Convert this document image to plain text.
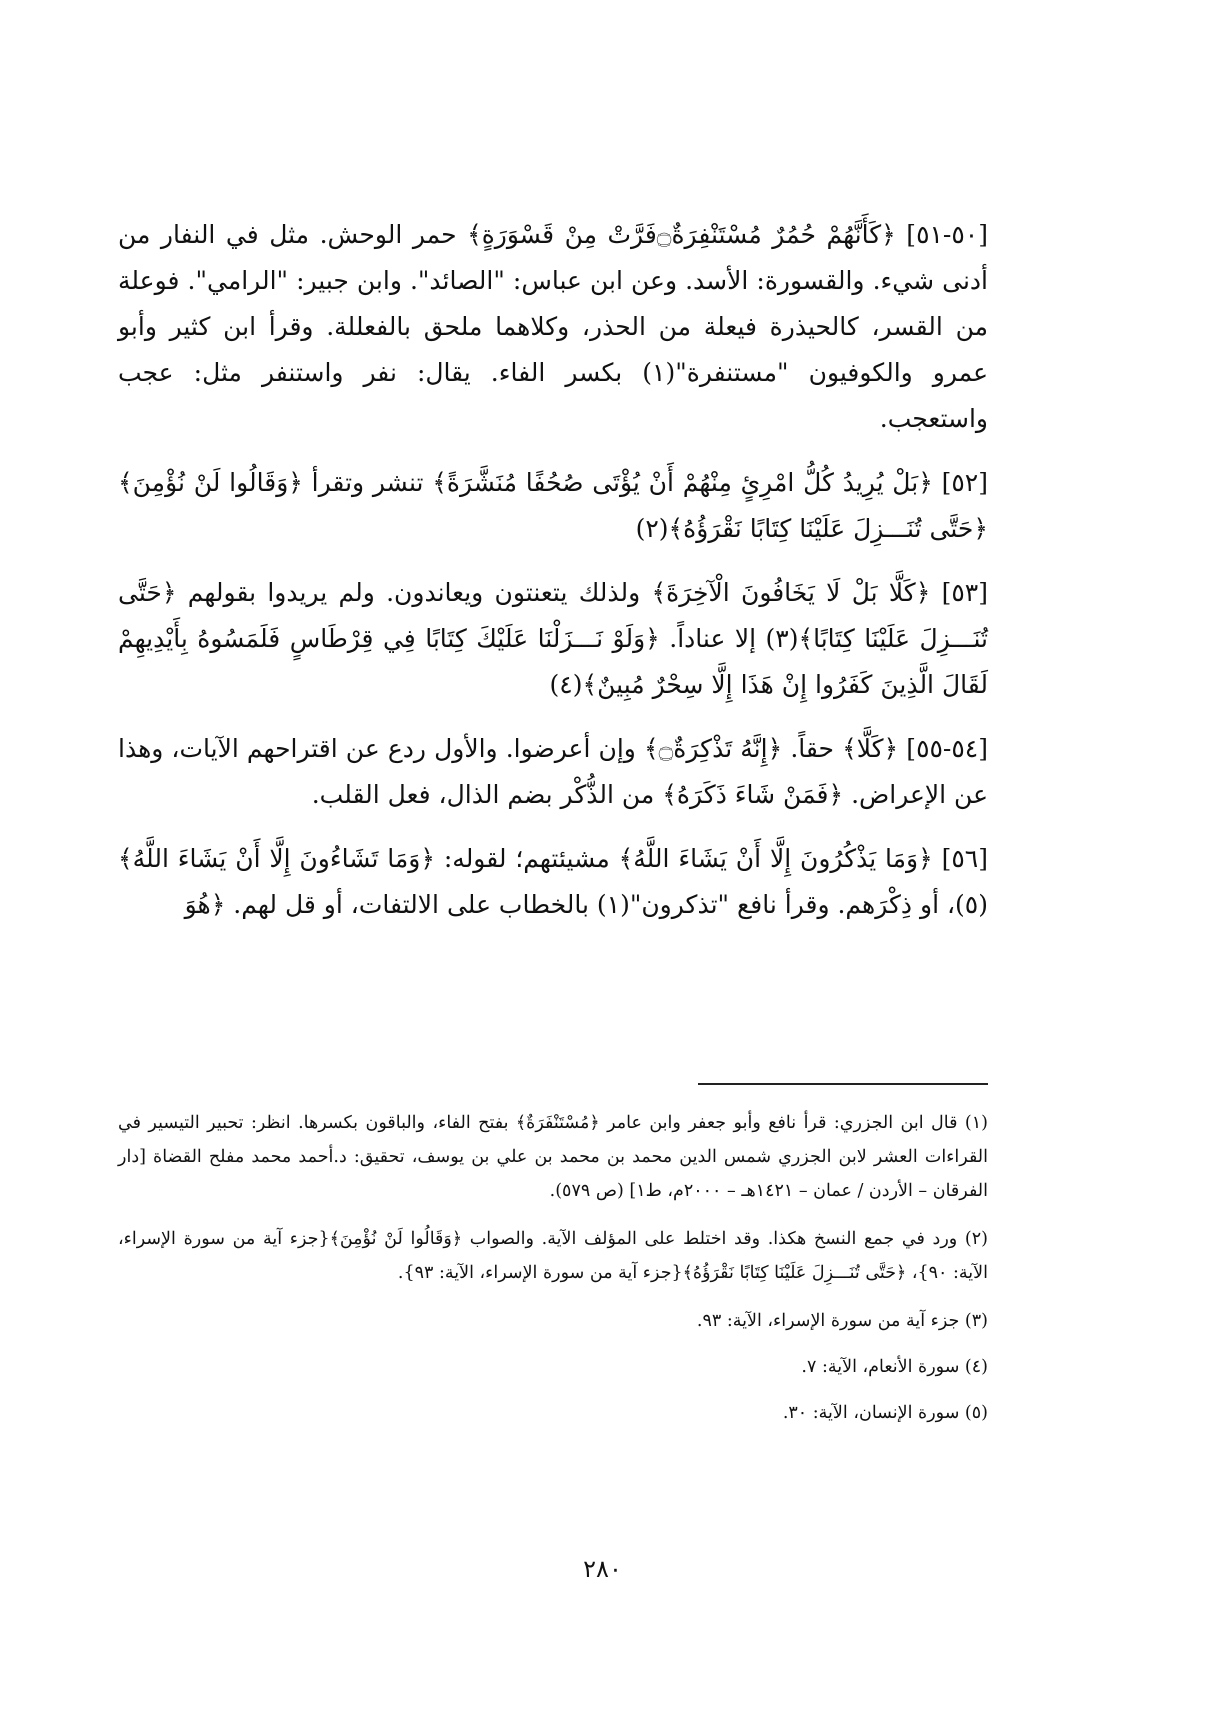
[٥٠-٥١] ﴿كَأَنَّهُمْ حُمُرٌ مُسْتَنْفِرَةٌ۝فَرَّتْ مِنْ قَسْوَرَةٍ﴾ حمر الوحش. مثل في النفار من أدنى شيء. والقسورة: الأسد. وعن ابن عباس: "الصائد". وابن جبير: "الرامي". فوعلة من القسر، كالحيذرة فيعلة من الحذر، وكلاهما ملحق بالفعللة. وقرأ ابن كثير وأبو عمرو والكوفيون "مستنفرة"(١) بكسر الفاء. يقال: نفر واستنفر مثل: عجب واستعجب.

[٥٢] ﴿بَلْ يُرِيدُ كُلُّ امْرِئٍ مِنْهُمْ أَنْ يُؤْتَى صُحُفًا مُنَشَّرَةً﴾ تنشر وتقرأ ﴿وَقَالُوا لَنْ نُؤْمِنَ﴾ ﴿حَتَّى تُنَـــزِلَ عَلَيْنَا كِتَابًا نَقْرَؤُهُ﴾(٢)

[٥٣] ﴿كَلَّا بَلْ لَا يَخَافُونَ الْآخِرَةَ﴾ ولذلك يتعنتون ويعاندون. ولم يريدوا بقولهم ﴿حَتَّى تُنَـــزِلَ عَلَيْنَا كِتَابًا﴾(٣) إلا عناداً. ﴿وَلَوْ نَـــزَلْنَا عَلَيْكَ كِتَابًا فِي قِرْطَاسٍ فَلَمَسُوهُ بِأَيْدِيهِمْ لَقَالَ الَّذِينَ كَفَرُوا إِنْ هَذَا إِلَّا سِحْرٌ مُبِينٌ﴾(٤)

[٥٤-٥٥] ﴿كَلَّا﴾ حقاً. ﴿إِنَّهُ تَذْكِرَةٌ۝﴾ وإن أعرضوا. والأول ردع عن اقتراحهم الآيات، وهذا عن الإعراض. ﴿فَمَنْ شَاءَ ذَكَرَهُ﴾ من الذُّكْر بضم الذال، فعل القلب.

[٥٦] ﴿وَمَا يَذْكُرُونَ إِلَّا أَنْ يَشَاءَ اللَّهُ﴾ مشيئتهم؛ لقوله: ﴿وَمَا تَشَاءُونَ إِلَّا أَنْ يَشَاءَ اللَّهُ﴾(٥)، أو ذِكْرَهم. وقرأ نافع "تذكرون"(١) بالخطاب على الالتفات، أو قل لهم. ﴿هُوَ

(١) قال ابن الجزري: قرأ نافع وأبو جعفر وابن عامر ﴿مُسْتَنْفَرَةٌ﴾ بفتح الفاء، والباقون بكسرها. انظر: تحبير التيسير في القراءات العشر لابن الجزري شمس الدين محمد بن محمد بن علي بن يوسف، تحقيق: د.أحمد محمد مفلح القضاة [دار الفرقان – الأردن / عمان – ١٤٢١هـ – ٢٠٠٠م، ط١] (ص ٥٧٩).

(٢) ورد في جمع النسخ هكذا. وقد اختلط على المؤلف الآية. والصواب ﴿وَقَالُوا لَنْ نُؤْمِنَ﴾{جزء آية من سورة الإسراء، الآية: ٩٠}، ﴿حَتَّى تُنَـــزِلَ عَلَيْنَا كِتَابًا نَقْرَؤُهُ﴾{جزء آية من سورة الإسراء، الآية: ٩٣}.

(٣) جزء آية من سورة الإسراء، الآية: ٩٣.

(٤) سورة الأنعام، الآية: ٧.

(٥) سورة الإنسان، الآية: ٣٠.

٢٨٠
